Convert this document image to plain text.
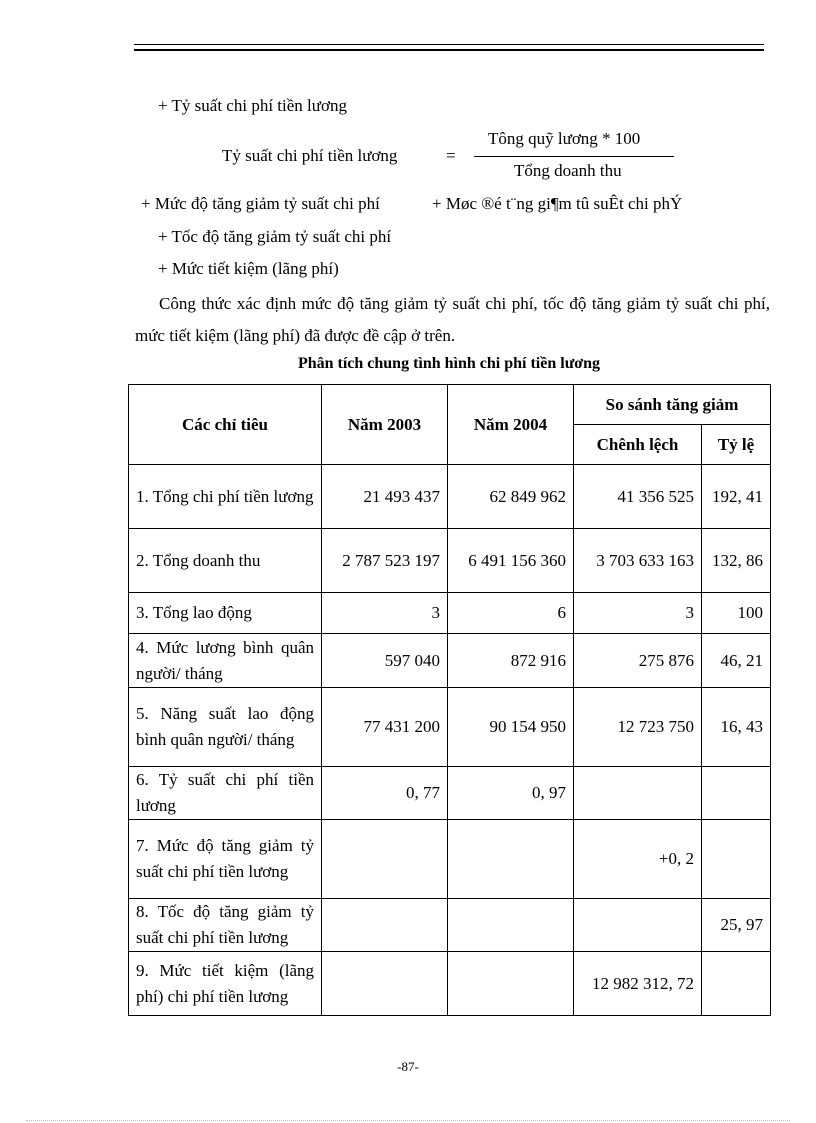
+ Tỷ suất chi phí tiền lương
Tỷ suất chi phí tiền lương	=
Tông quỹ lương * 100
Tổng doanh thu
+ Mức độ tăng giảm tỷ suất chi phí	+ Møc ®é t¨ng gi¶m tû suÊt chi phÝ
+ Tốc độ tăng giảm tỷ suất chi phí
+ Mức tiết kiệm (lãng phí)
Công thức xác định mức độ tăng giảm tỷ suất chi phí, tốc độ tăng giảm tỷ suất chi phí, mức tiết kiệm (lãng phí) đã được đề cập ở trên.
Phân tích chung tình hình chi phí tiền lương
Các chỉ tiêu	Năm 2003	Năm 2004	So sánh tăng giảm	
			Chênh lệch	Tỷ lệ
1. Tổng chi phí tiền lương	21 493 437	62 849 962	41 356 525	192, 41
2. Tổng doanh thu	2 787 523 197	6 491 156 360	3 703 633 163	132, 86
3. Tổng lao động	3	6	3	100
4. Mức lương bình quân người/ tháng	597 040	872 916	275 876	46, 21
5. Năng suất lao động bình quân người/ tháng	77 431 200	90 154 950	12 723 750	16, 43
6. Tỷ suất chi phí tiền lương	0, 77	0, 97		
7. Mức độ tăng giảm tỷ suất chi phí tiền lương			+0, 2	
8. Tốc độ tăng giảm tỷ suất chi phí tiền lương				25, 97
9. Mức tiết kiệm (lãng phí) chi phí tiền lương			12 982 312, 72	
-87-
